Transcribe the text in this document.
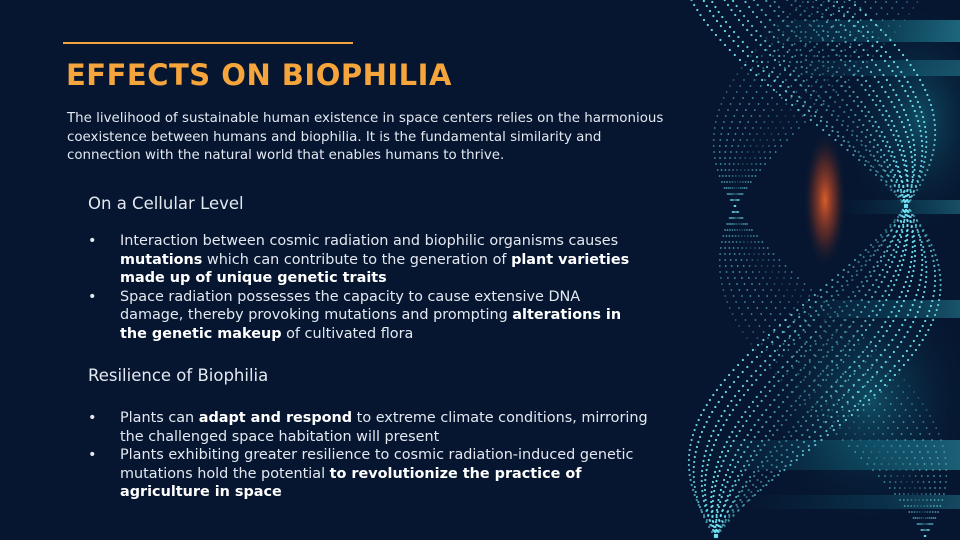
EFFECTS ON BIOPHILIA

The livelihood of sustainable human existence in space centers relies on the harmonious coexistence between humans and biophilia. It is the fundamental similarity and connection with the natural world that enables humans to thrive.

On a Cellular Level
•	Interaction between cosmic radiation and biophilic organisms causes mutations which can contribute to the generation of plant varieties made up of unique genetic traits
•	Space radiation possesses the capacity to cause extensive DNA damage, thereby provoking mutations and prompting alterations in the genetic makeup of cultivated flora
Resilience of Biophilia
•	Plants can adapt and respond to extreme climate conditions, mirroring the challenged space habitation will present
•	Plants exhibiting greater resilience to cosmic radiation-induced genetic mutations hold the potential to revolutionize the practice of agriculture in space
